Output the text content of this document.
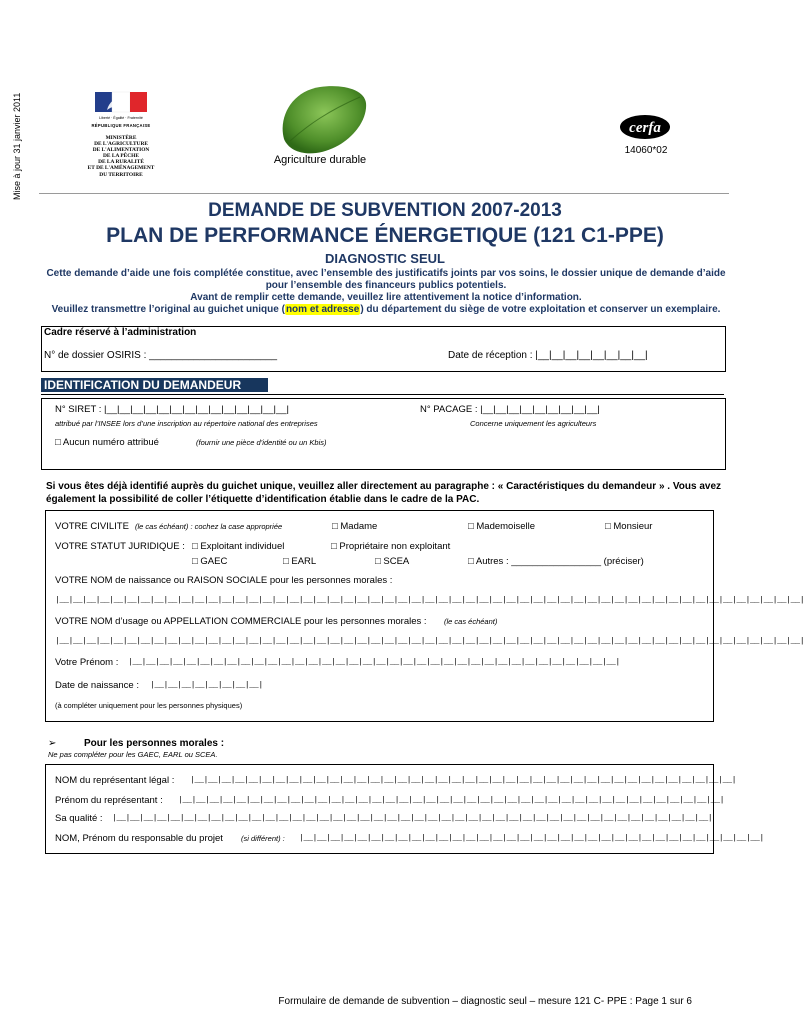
Mise à jour 31 janvier 2011	Liberté · Égalité · Fraternité
RÉPUBLIQUE FRANÇAISE
MINISTÈRE
DE L'AGRICULTURE
DE L'ALIMENTATION
DE LA PÊCHE
DE LA RURALITÉ
ET DE L'AMÉNAGEMENT
DU TERRITOIRE
Agriculture durable
cerfa
14060*02
DEMANDE DE SUBVENTION 2007-2013
PLAN DE PERFORMANCE ÉNERGETIQUE (121 C1-PPE)
DIAGNOSTIC SEUL
Cette demande d’aide une fois complétée constitue, avec l’ensemble des justificatifs joints par vos soins, le dossier unique de demande d’aide pour l’ensemble des financeurs publics potentiels.
Avant de remplir cette demande, veuillez lire attentivement la notice d’information.
Veuillez transmettre l’original au guichet unique (nom et adresse) du département du siège de votre exploitation et conserver un exemplaire.
Cadre réservé à l’administration
N° de dossier OSIRIS : _______________________	Date de réception : |__|__|__|__|__|__|__|__|
IDENTIFICATION DU DEMANDEUR
N° SIRET : |__|__|__|__|__|__|__|__|__|__|__|__|__|__|
attribué par l’INSEE lors d’une inscription au répertoire national des entreprises
N° PACAGE : |__|__|__|__|__|__|__|__|__|
Concerne uniquement les agriculteurs
□ Aucun numéro attribué	(fournir une pièce d’identité ou un Kbis)
Si vous êtes déjà identifié auprès du guichet unique, veuillez aller directement au paragraphe : « Caractéristiques du demandeur » . Vous avez également la possibilité de coller l’étiquette d’identification établie dans le cadre de la PAC.
VOTRE CIVILITE (le cas échéant) : cochez la case appropriée	□ Madame	□ Mademoiselle	□ Monsieur
VOTRE STATUT JURIDIQUE : □ Exploitant individuel	□ Propriétaire non exploitant
□ GAEC	□ EARL	□ SCEA	□ Autres : _________________ (préciser)
VOTRE NOM de naissance ou RAISON SOCIALE pour les personnes morales :
|__|__|__|__|__|__|__|__|__|__|__|__|__|__|__|__|__|__|__|__|__|__|__|__|__|__|__|__|__|__|__|__|__|__|__|__|__|__|__|__|__|__|__|__|__|__|__|__|__|__|__|__|__|__|__|
VOTRE NOM d’usage ou APPELLATION COMMERCIALE pour les personnes morales : (le cas échéant)
|__|__|__|__|__|__|__|__|__|__|__|__|__|__|__|__|__|__|__|__|__|__|__|__|__|__|__|__|__|__|__|__|__|__|__|__|__|__|__|__|__|__|__|__|__|__|__|__|__|__|__|__|__|__|__|
Votre Prénom : |__|__|__|__|__|__|__|__|__|__|__|__|__|__|__|__|__|__|__|__|__|__|__|__|__|__|__|__|__|__|__|__|__|__|__|__|
Date de naissance : |__|__|__|__|__|__|__|__|
(à compléter uniquement pour les personnes physiques)
➢	Pour les personnes morales :
Ne pas compléter pour les GAEC, EARL ou SCEA.
NOM du représentant légal : |__|__|__|__|__|__|__|__|__|__|__|__|__|__|__|__|__|__|__|__|__|__|__|__|__|__|__|__|__|__|__|__|__|__|__|__|__|__|__|__|
Prénom du représentant : |__|__|__|__|__|__|__|__|__|__|__|__|__|__|__|__|__|__|__|__|__|__|__|__|__|__|__|__|__|__|__|__|__|__|__|__|__|__|__|__|
Sa qualité : |__|__|__|__|__|__|__|__|__|__|__|__|__|__|__|__|__|__|__|__|__|__|__|__|__|__|__|__|__|__|__|__|__|__|__|__|__|__|__|__|__|__|__|__|
NOM, Prénom du responsable du projet (si différent) : |__|__|__|__|__|__|__|__|__|__|__|__|__|__|__|__|__|__|__|__|__|__|__|__|__|__|__|__|__|__|__|__|__|__|
Formulaire de demande de subvention – diagnostic seul – mesure 121 C- PPE : Page 1 sur 6
